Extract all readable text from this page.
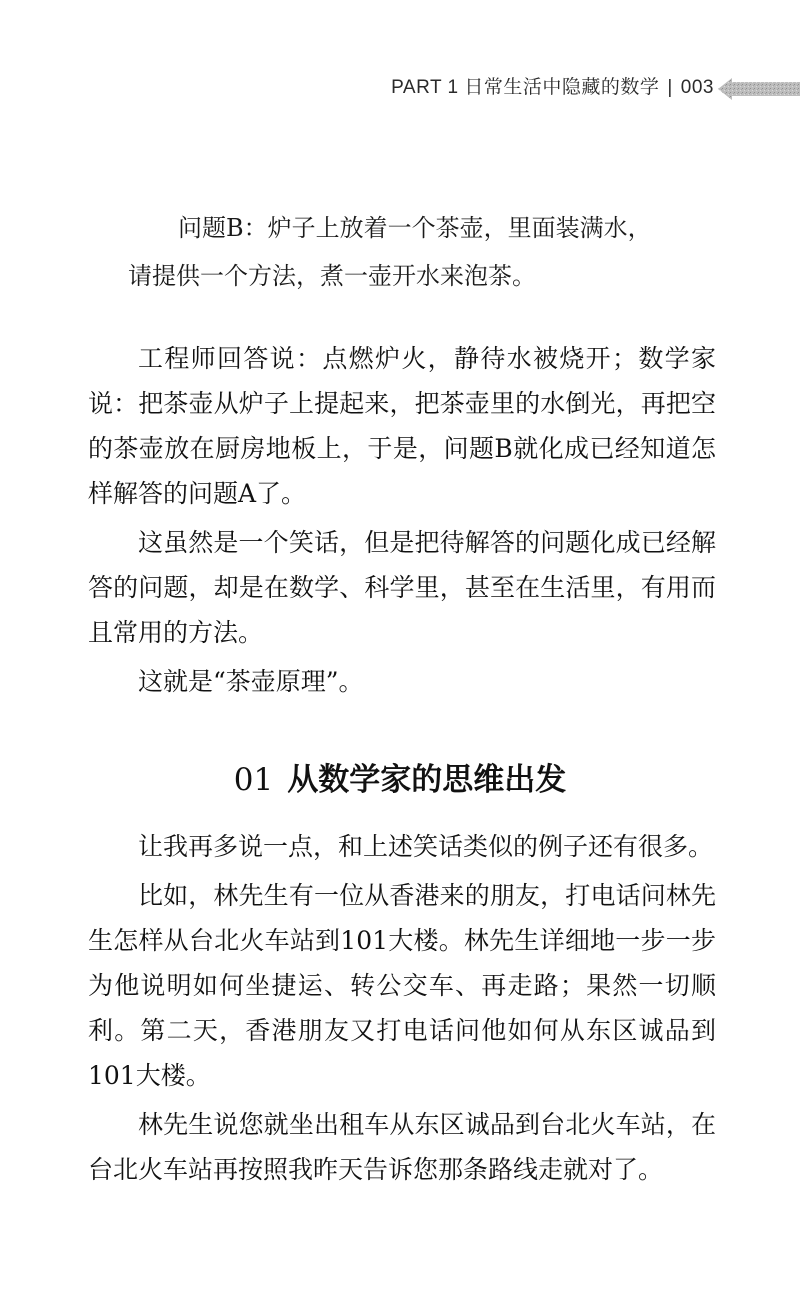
PART 1 日常生活中隐藏的数学 | 003
问题B：炉子上放着一个茶壶，里面装满水，
请提供一个方法，煮一壶开水来泡茶。

工程师回答说：点燃炉火，静待水被烧开；数学家说：把茶壶从炉子上提起来，把茶壶里的水倒光，再把空的茶壶放在厨房地板上，于是，问题B就化成已经知道怎样解答的问题A了。

这虽然是一个笑话，但是把待解答的问题化成已经解答的问题，却是在数学、科学里，甚至在生活里，有用而且常用的方法。

这就是“茶壶原理”。

01 从数学家的思维出发

让我再多说一点，和上述笑话类似的例子还有很多。

比如，林先生有一位从香港来的朋友，打电话问林先生怎样从台北火车站到101大楼。林先生详细地一步一步为他说明如何坐捷运、转公交车、再走路；果然一切顺利。第二天，香港朋友又打电话问他如何从东区诚品到101大楼。

林先生说您就坐出租车从东区诚品到台北火车站，在台北火车站再按照我昨天告诉您那条路线走就对了。
